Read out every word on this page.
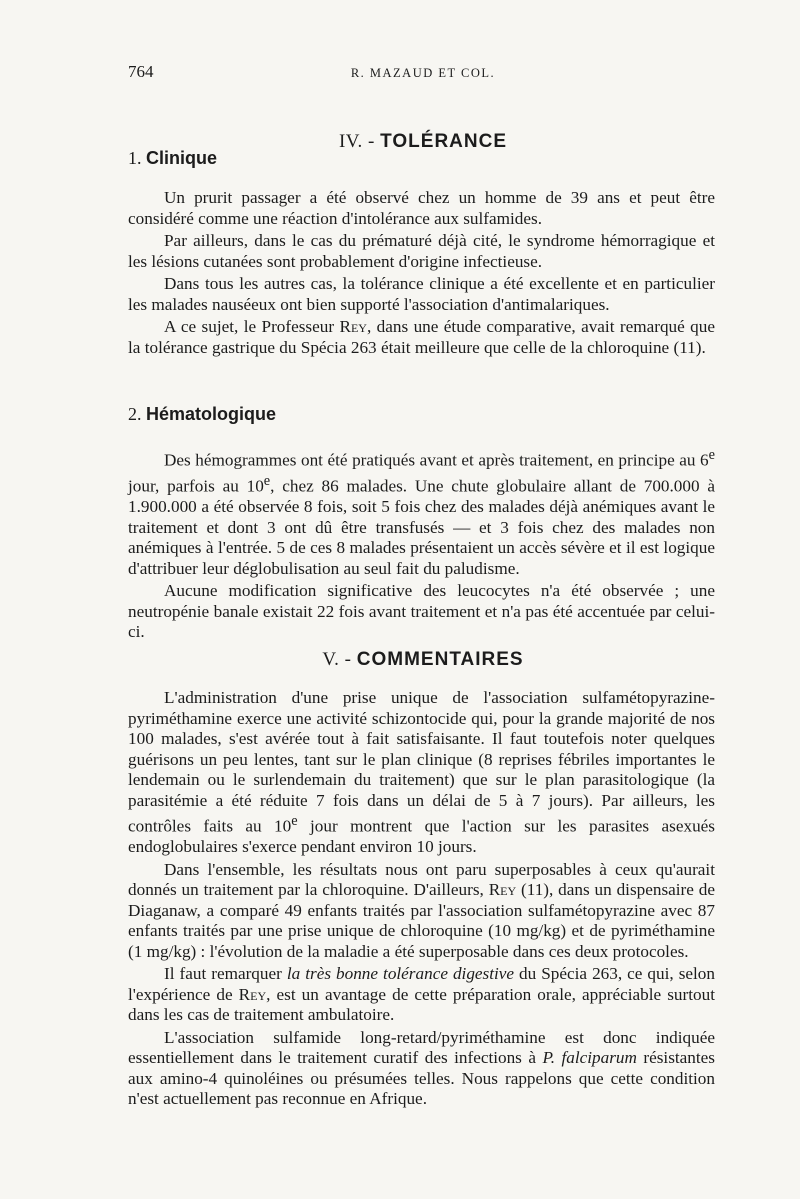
764	R. MAZAUD ET COL.
IV. - TOLÉRANCE
1. Clinique

Un prurit passager a été observé chez un homme de 39 ans et peut être considéré comme une réaction d'intolérance aux sulfamides.

Par ailleurs, dans le cas du prématuré déjà cité, le syndrome hémorragique et les lésions cutanées sont probablement d'origine infectieuse.

Dans tous les autres cas, la tolérance clinique a été excellente et en particulier les malades nauséeux ont bien supporté l'association d'antimalariques.

A ce sujet, le Professeur Rey, dans une étude comparative, avait remarqué que la tolérance gastrique du Spécia 263 était meilleure que celle de la chloroquine (11).

2. Hématologique

Des hémogrammes ont été pratiqués avant et après traitement, en principe au 6e jour, parfois au 10e, chez 86 malades. Une chute globulaire allant de 700.000 à 1.900.000 a été observée 8 fois, soit 5 fois chez des malades déjà anémiques avant le traitement et dont 3 ont dû être transfusés — et 3 fois chez des malades non anémiques à l'entrée. 5 de ces 8 malades présentaient un accès sévère et il est logique d'attribuer leur déglobulisation au seul fait du paludisme.

Aucune modification significative des leucocytes n'a été observée ; une neutropénie banale existait 22 fois avant traitement et n'a pas été accentuée par celui-ci.

V. - COMMENTAIRES

L'administration d'une prise unique de l'association sulfamétopyrazine-pyriméthamine exerce une activité schizontocide qui, pour la grande majorité de nos 100 malades, s'est avérée tout à fait satisfaisante. Il faut toutefois noter quelques guérisons un peu lentes, tant sur le plan clinique (8 reprises fébriles importantes le lendemain ou le surlendemain du traitement) que sur le plan parasitologique (la parasitémie a été réduite 7 fois dans un délai de 5 à 7 jours). Par ailleurs, les contrôles faits au 10e jour montrent que l'action sur les parasites asexués endoglobulaires s'exerce pendant environ 10 jours.

Dans l'ensemble, les résultats nous ont paru superposables à ceux qu'aurait donnés un traitement par la chloroquine. D'ailleurs, Rey (11), dans un dispensaire de Diaganaw, a comparé 49 enfants traités par l'association sulfamétopyrazine avec 87 enfants traités par une prise unique de chloroquine (10 mg/kg) et de pyriméthamine (1 mg/kg) : l'évolution de la maladie a été superposable dans ces deux protocoles.

Il faut remarquer la très bonne tolérance digestive du Spécia 263, ce qui, selon l'expérience de Rey, est un avantage de cette préparation orale, appréciable surtout dans les cas de traitement ambulatoire.

L'association sulfamide long-retard/pyriméthamine est donc indiquée essentiellement dans le traitement curatif des infections à P. falciparum résistantes aux amino-4 quinoléines ou présumées telles. Nous rappelons que cette condition n'est actuellement pas reconnue en Afrique.
